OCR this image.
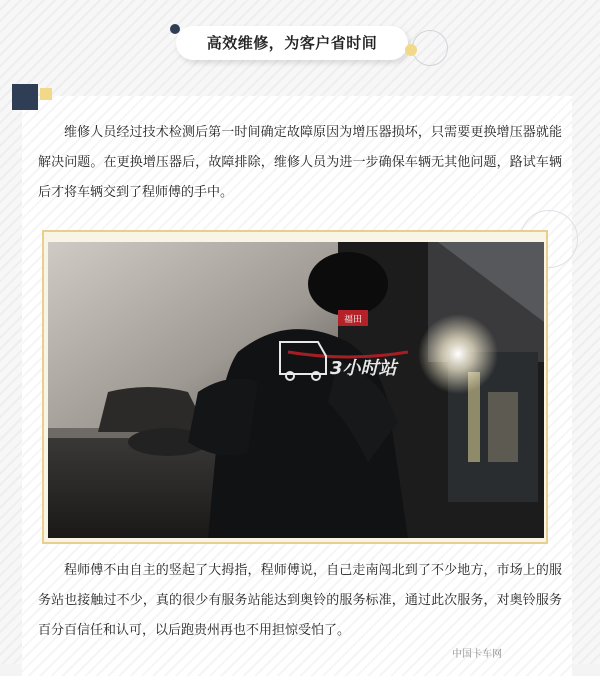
高效维修，为客户省时间

维修人员经过技术检测后第一时间确定故障原因为增压器损坏，只需要更换增压器就能解决问题。在更换增压器后，故障排除，维修人员为进一步确保车辆无其他问题，路试车辆后才将车辆交到了程师傅的手中。

福田
3小时站

程师傅不由自主的竖起了大拇指，程师傅说，自己走南闯北到了不少地方，市场上的服务站也接触过不少，真的很少有服务站能达到奥铃的服务标准，通过此次服务，对奥铃服务百分百信任和认可，以后跑贵州再也不用担惊受怕了。

中国卡车网
